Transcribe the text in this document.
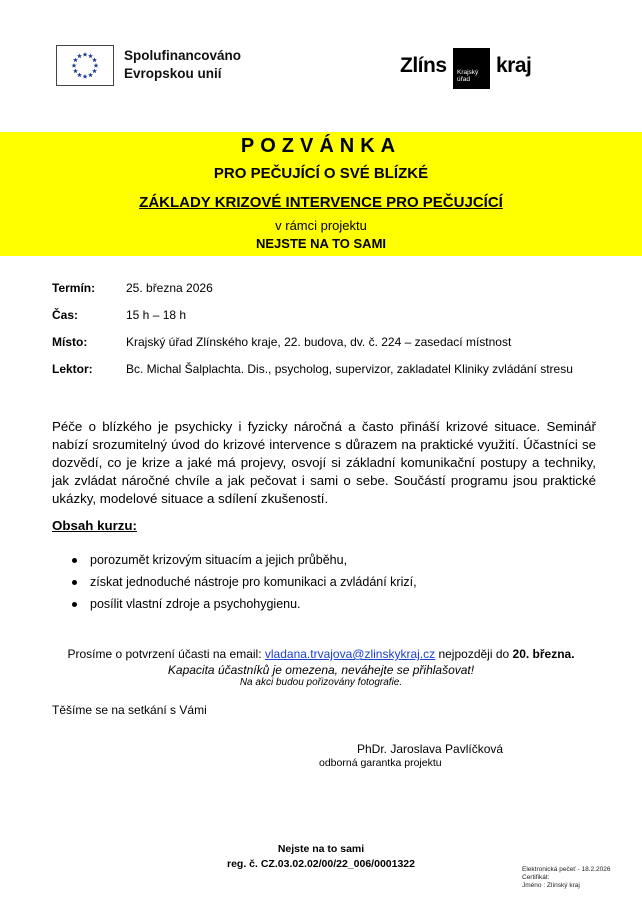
Spolufinancováno
Evropskou unií	Zlíns Krajský
úřad
kraj
POZVÁNKA
PRO PEČUJÍCÍ O SVÉ BLÍZKÉ
ZÁKLADY KRIZOVÉ INTERVENCE PRO PEČUJCÍCÍ
v rámci projektu
NEJSTE NA TO SAMI
Termín:	25. března 2026
Čas:	15 h – 18 h
Místo:	Krajský úřad Zlínského kraje, 22. budova, dv. č. 224 – zasedací místnost
Lektor:	Bc. Michal Šalplachta. Dis., psycholog, supervizor, zakladatel Kliniky zvládání stresu
Péče o blízkého je psychicky i fyzicky náročná a často přináší krizové situace. Seminář nabízí srozumitelný úvod do krizové intervence s důrazem na praktické využití. Účastníci se dozvědí, co je krize a jaké má projevy, osvojí si základní komunikační postupy a techniky, jak zvládat náročné chvíle a jak pečovat i sami o sebe. Součástí programu jsou praktické ukázky, modelové situace a sdílení zkušeností.
Obsah kurzu:
porozumět krizovým situacím a jejich průběhu,
získat jednoduché nástroje pro komunikaci a zvládání krizí,
posílit vlastní zdroje a psychohygienu.
Prosíme o potvrzení účasti na email: vladana.trvajova@zlinskykraj.cz nejpozději do 20. března.
Kapacita účastníků je omezena, neváhejte se přihlašovat!
Na akci budou pořizovány fotografie.
Těšíme se na setkání s Vámi
PhDr. Jaroslava Pavlíčková
odborná garantka projektu
Nejste na to sami
reg. č. CZ.03.02.02/00/22_006/0001322	Elektronická pečeť - 18.2.2026
Certifikát:
Jméno : Zlínský kraj
